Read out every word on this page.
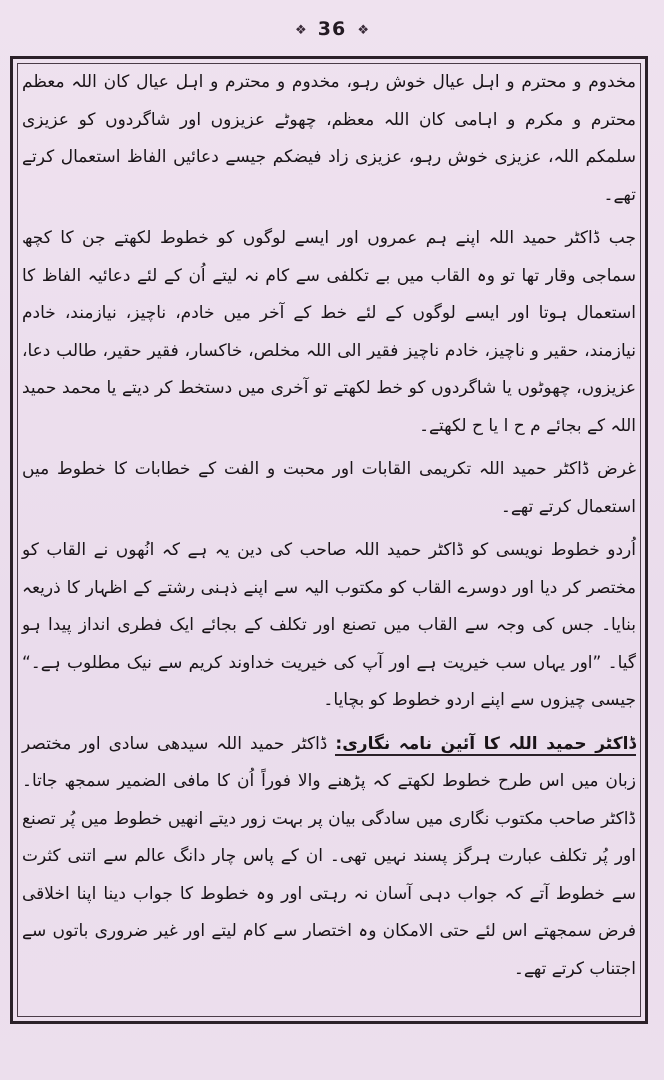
❖ 36 ❖

مخدوم و محترم و اہل عیال خوش رہو، مخدوم و محترم و اہل عیال کان اللہ معظم محترم و مکرم و اہامی کان اللہ معظم، چھوٹے عزیزوں اور شاگردوں کو عزیزی سلمکم اللہ، عزیزی خوش رہو، عزیزی زاد فیضکم جیسے دعائیں الفاظ استعمال کرتے تھے۔

جب ڈاکٹر حمید اللہ اپنے ہم عمروں اور ایسے لوگوں کو خطوط لکھتے جن کا کچھ سماجی وقار تھا تو وہ القاب میں بے تکلفی سے کام نہ لیتے اُن کے لئے دعائیہ الفاظ کا استعمال ہوتا اور ایسے لوگوں کے لئے خط کے آخر میں خادم، ناچیز، نیازمند، خادم نیازمند، حقیر و ناچیز، خادم ناچیز فقیر الی اللہ مخلص، خاکسار، فقیر حقیر، طالب دعا، عزیزوں، چھوٹوں یا شاگردوں کو خط لکھتے تو آخری میں دستخط کر دیتے یا محمد حمید اللہ کے بجائے م ح ا یا ح لکھتے۔

غرض ڈاکٹر حمید اللہ تکریمی القابات اور محبت و الفت کے خطابات کا خطوط میں استعمال کرتے تھے۔

اُردو خطوط نویسی کو ڈاکٹر حمید اللہ صاحب کی دین یہ ہے کہ انُھوں نے القاب کو مختصر کر دیا اور دوسرے القاب کو مکتوب الیہ سے اپنے ذہنی رشتے کے اظہار کا ذریعہ بنایا۔ جس کی وجہ سے القاب میں تصنع اور تکلف کے بجائے ایک فطری انداز پیدا ہو گیا۔ ”اور یہاں سب خیریت ہے اور آپ کی خیریت خداوند کریم سے نیک مطلوب ہے۔“ جیسی چیزوں سے اپنے اردو خطوط کو بچایا۔

ڈاکٹر حمید اللہ کا آئین نامہ نگاری: ڈاکٹر حمید اللہ سیدھی سادی اور مختصر زبان میں اس طرح خطوط لکھتے کہ پڑھنے والا فوراً اُن کا مافی الضمیر سمجھ جاتا۔ ڈاکٹر صاحب مکتوب نگاری میں سادگی بیان پر بہت زور دیتے انھیں خطوط میں پُر تصنع اور پُر تکلف عبارت ہرگز پسند نہیں تھی۔ ان کے پاس چار دانگ عالم سے اتنی کثرت سے خطوط آتے کہ جواب دہی آسان نہ رہتی اور وہ خطوط کا جواب دینا اپنا اخلاقی فرض سمجھتے اس لئے حتی الامکان وہ اختصار سے کام لیتے اور غیر ضروری باتوں سے اجتناب کرتے تھے۔
